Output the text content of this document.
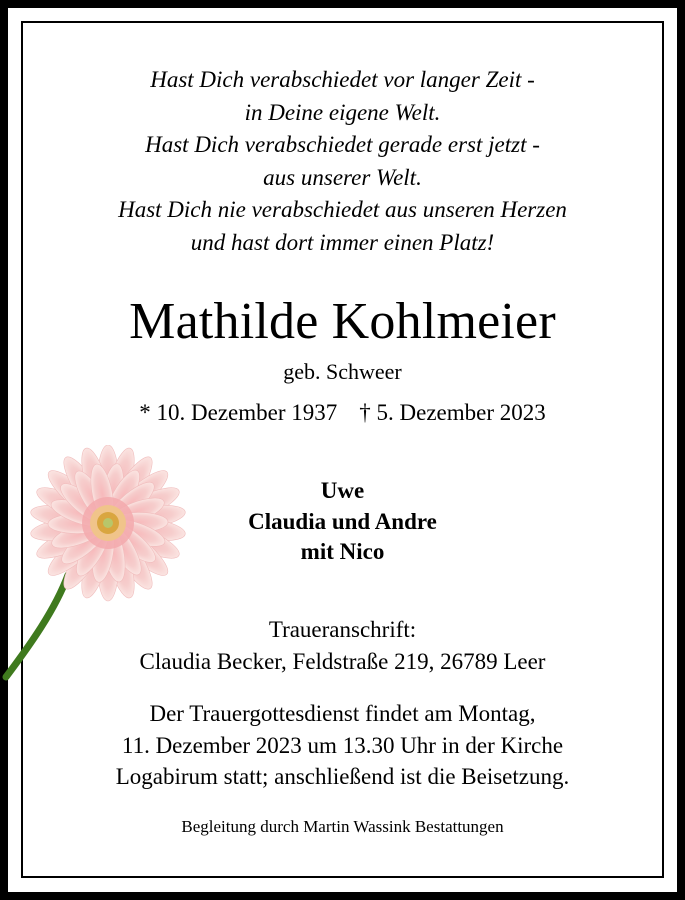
Hast Dich verabschiedet vor langer Zeit -
in Deine eigene Welt.
Hast Dich verabschiedet gerade erst jetzt -
aus unserer Welt.
Hast Dich nie verabschiedet aus unseren Herzen
und hast dort immer einen Platz!
Mathilde Kohlmeier
geb. Schweer
* 10. Dezember 1937 † 5. Dezember 2023
Uwe
Claudia und Andre
mit Nico
Traueranschrift:
Claudia Becker, Feldstraße 219, 26789 Leer
Der Trauergottesdienst findet am Montag,
11. Dezember 2023 um 13.30 Uhr in der Kirche
Logabirum statt; anschließend ist die Beisetzung.
Begleitung durch Martin Wassink Bestattungen
